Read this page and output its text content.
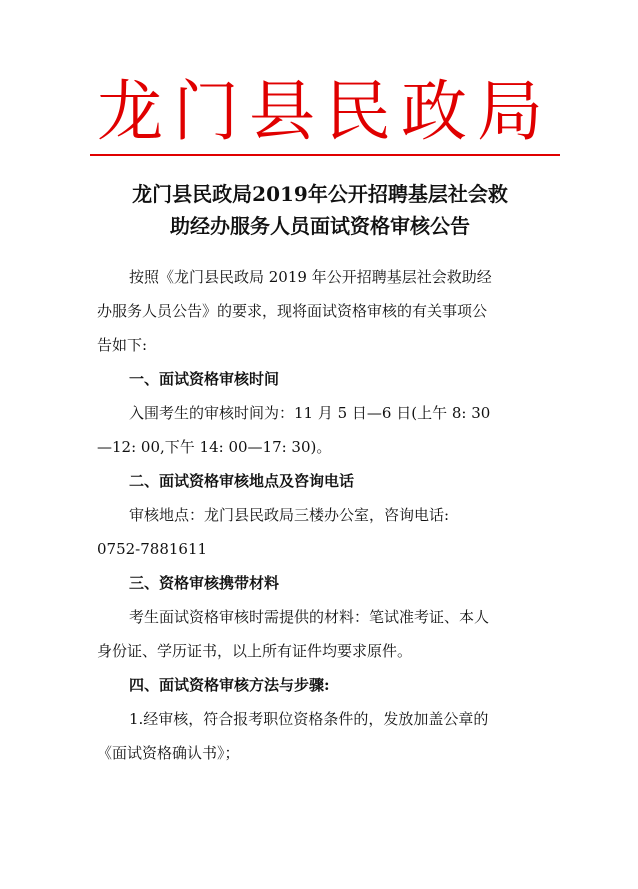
龙门县民政局
龙门县民政局2019年公开招聘基层社会救
助经办服务人员面试资格审核公告
按照《龙门县民政局 2019 年公开招聘基层社会救助经
办服务人员公告》的要求，现将面试资格审核的有关事项公
告如下:
一、面试资格审核时间
入围考生的审核时间为：11 月 5 日—6 日(上午 8: 30
—12: 00,下午 14: 00—17: 30)。
二、面试资格审核地点及咨询电话
审核地点：龙门县民政局三楼办公室，咨询电话:
0752-7881611
三、资格审核携带材料
考生面试资格审核时需提供的材料：笔试准考证、本人
身份证、学历证书，以上所有证件均要求原件。
四、面试资格审核方法与步骤:
1.经审核，符合报考职位资格条件的，发放加盖公章的
《面试资格确认书》；
